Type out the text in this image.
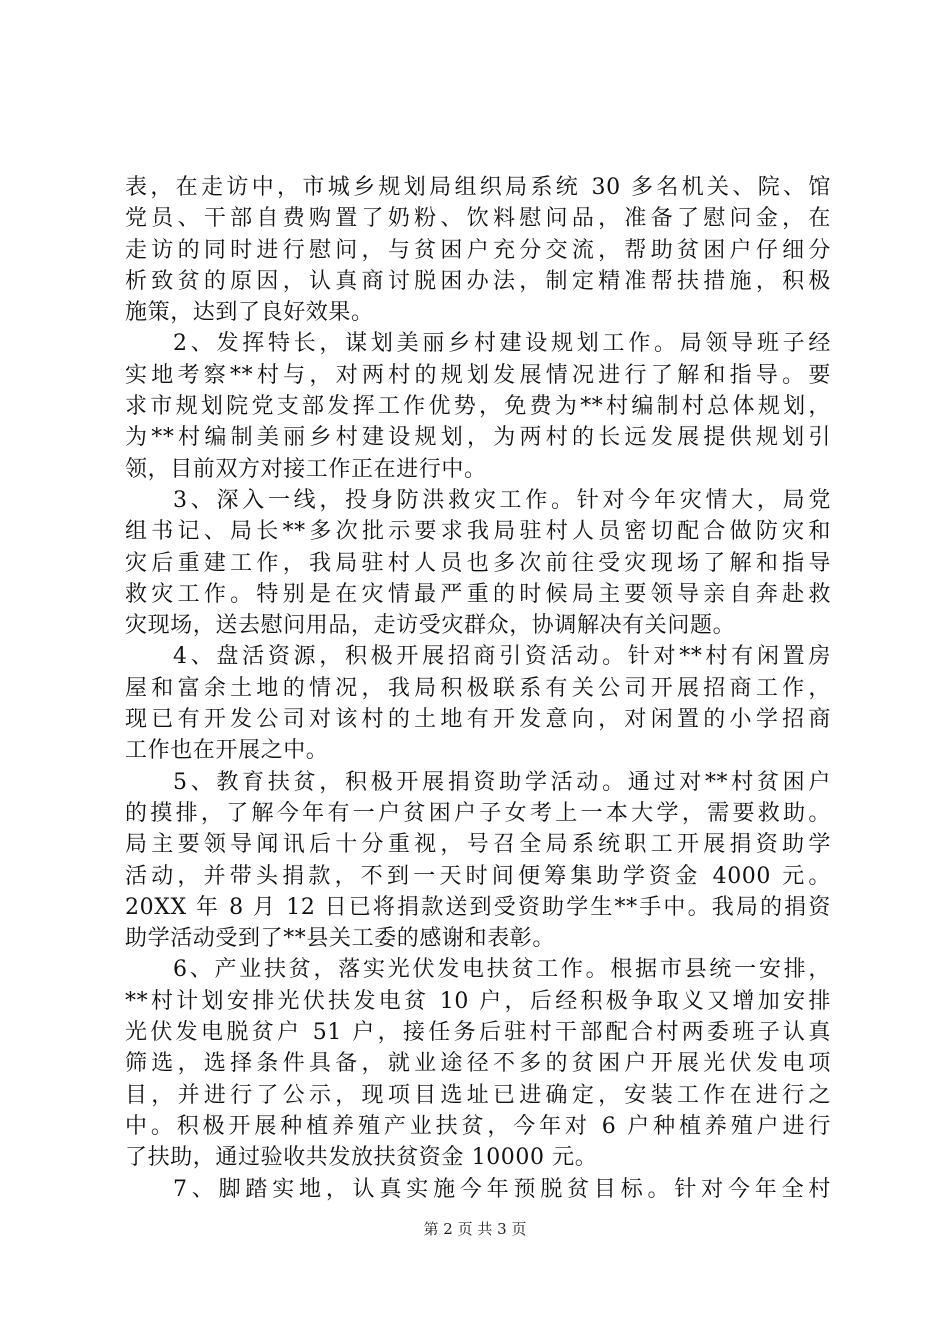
表，在走访中，市城乡规划局组织局系统 30 多名机关、院、馆
党员、干部自费购置了奶粉、饮料慰问品，准备了慰问金，在
走访的同时进行慰问，与贫困户充分交流，帮助贫困户仔细分
析致贫的原因，认真商讨脱困办法，制定精准帮扶措施，积极
施策，达到了良好效果。
2、发挥特长，谋划美丽乡村建设规划工作。局领导班子经
实地考察**村与，对两村的规划发展情况进行了解和指导。要
求市规划院党支部发挥工作优势，免费为**村编制村总体规划，
为**村编制美丽乡村建设规划，为两村的长远发展提供规划引
领，目前双方对接工作正在进行中。
3、深入一线，投身防洪救灾工作。针对今年灾情大，局党
组书记、局长**多次批示要求我局驻村人员密切配合做防灾和
灾后重建工作，我局驻村人员也多次前往受灾现场了解和指导
救灾工作。特别是在灾情最严重的时候局主要领导亲自奔赴救
灾现场，送去慰问用品，走访受灾群众，协调解决有关问题。
4、盘活资源，积极开展招商引资活动。针对**村有闲置房
屋和富余土地的情况，我局积极联系有关公司开展招商工作，
现已有开发公司对该村的土地有开发意向，对闲置的小学招商
工作也在开展之中。
5、教育扶贫，积极开展捐资助学活动。通过对**村贫困户
的摸排，了解今年有一户贫困户子女考上一本大学，需要救助。
局主要领导闻讯后十分重视，号召全局系统职工开展捐资助学
活动，并带头捐款，不到一天时间便筹集助学资金 4000 元。
20XX 年 8 月 12 日已将捐款送到受资助学生**手中。我局的捐资
助学活动受到了**县关工委的感谢和表彰。
6、产业扶贫，落实光伏发电扶贫工作。根据市县统一安排，
**村计划安排光伏扶发电贫 10 户，后经积极争取义又增加安排
光伏发电脱贫户 51 户，接任务后驻村干部配合村两委班子认真
筛选，选择条件具备，就业途径不多的贫困户开展光伏发电项
目，并进行了公示，现项目选址已进确定，安装工作在进行之
中。积极开展种植养殖产业扶贫，今年对 6 户种植养殖户进行
了扶助，通过验收共发放扶贫资金 10000 元。
7、脚踏实地，认真实施今年预脱贫目标。针对今年全村
第 2 页 共 3 页
